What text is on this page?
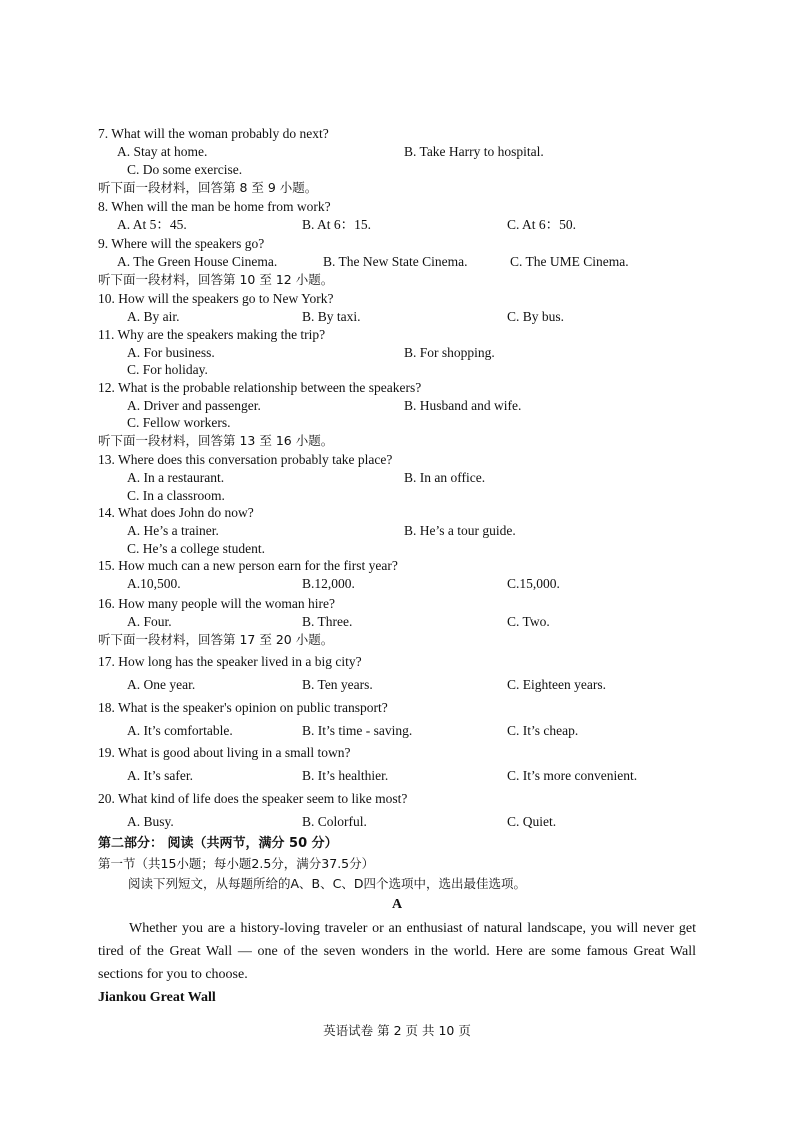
7. What will the woman probably do next?
A. Stay at home.	B. Take Harry to hospital.
C. Do some exercise.
听下面一段材料，回答第 8 至 9 小题。
8. When will the man be home from work?
A. At 5：45.	B. At 6：15.	C. At 6：50.
9. Where will the speakers go?
A. The Green House Cinema.	B. The New State Cinema.	C. The UME Cinema.
听下面一段材料，回答第 10 至 12 小题。
10. How will the speakers go to New York?
A. By air.	B. By taxi.	C. By bus.
11. Why are the speakers making the trip?
A. For business.	B. For shopping.
C. For holiday.
12. What is the probable relationship between the speakers?
A. Driver and passenger.	B. Husband and wife.
C. Fellow workers.
听下面一段材料，回答第 13 至 16 小题。
13. Where does this conversation probably take place?
A. In a restaurant.	B. In an office.
C. In a classroom.
14. What does John do now?
A. He’s a trainer.	B. He’s a tour guide.
C. He’s a college student.
15. How much can a new person earn for the first year?
A.10,500.	B.12,000.	C.15,000.
16. How many people will the woman hire?
A. Four.	B. Three.	C. Two.
听下面一段材料，回答第 17 至 20 小题。
17. How long has the speaker lived in a big city?
A. One year.	B. Ten years.	C. Eighteen years.
18. What is the speaker's opinion on public transport?
A. It’s comfortable.	B. It’s time - saving.	C. It’s cheap.
19. What is good about living in a small town?
A. It’s safer.	B. It’s healthier.	C. It’s more convenient.
20. What kind of life does the speaker seem to like most?
A. Busy.	B. Colorful.	C. Quiet.
第二部分： 阅读（共两节，满分 50 分）
第一节（共15小题；每小题2.5分，满分37.5分）
阅读下列短文，从每题所给的A、B、C、D四个选项中，选出最佳选项。
A
Whether you are a history-loving traveler or an enthusiast of natural landscape, you will never get tired of the Great Wall — one of the seven wonders in the world. Here are some famous Great Wall sections for you to choose.
Jiankou Great Wall
英语试卷 第 2 页 共 10 页
